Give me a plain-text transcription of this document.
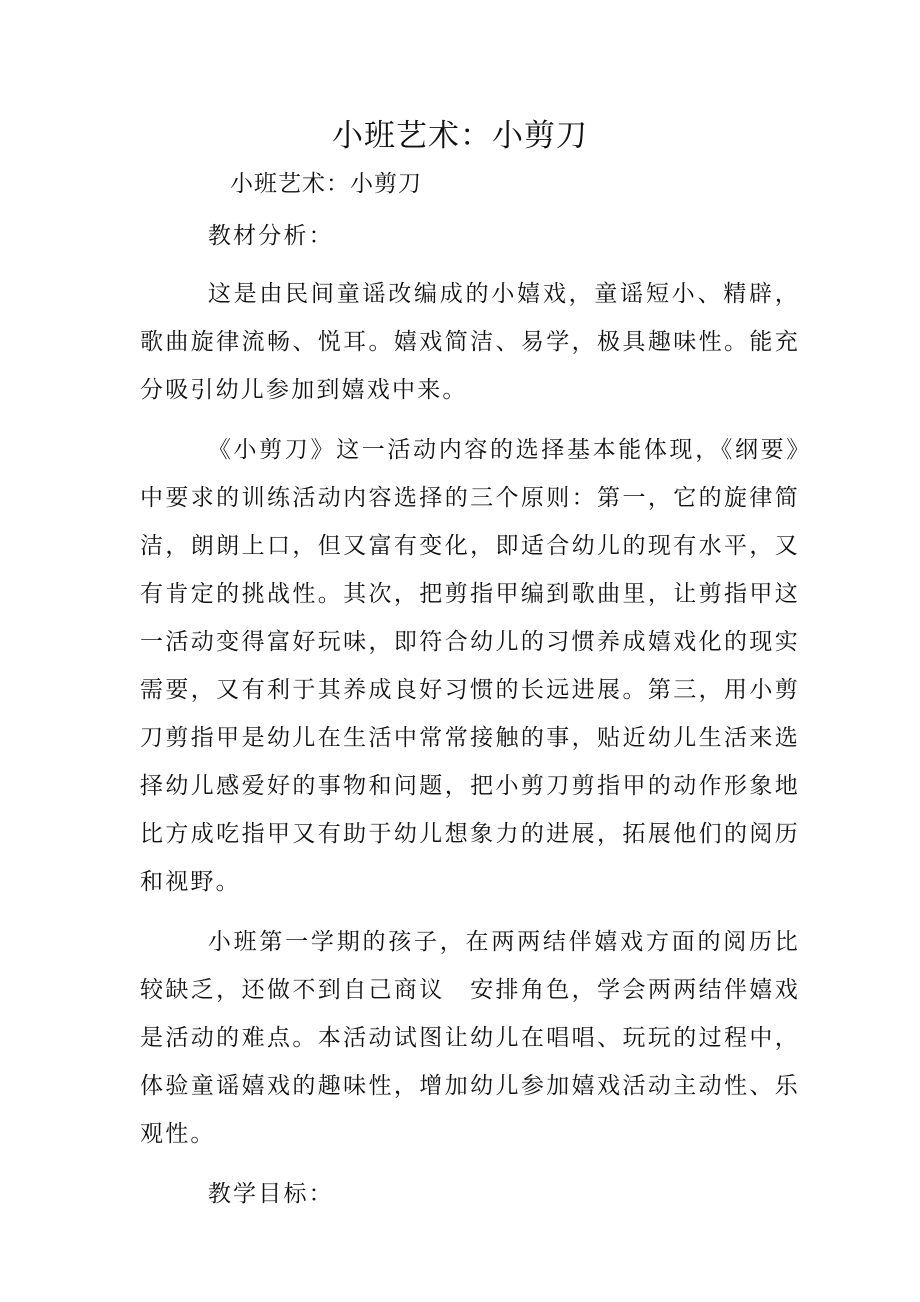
小班艺术：小剪刀

小班艺术：小剪刀

教材分析：

这是由民间童谣改编成的小嬉戏，童谣短小、精辟，歌曲旋律流畅、悦耳。嬉戏简洁、易学，极具趣味性。能充分吸引幼儿参加到嬉戏中来。

《小剪刀》这一活动内容的选择基本能体现，《纲要》中要求的训练活动内容选择的三个原则：第一，它的旋律简洁，朗朗上口，但又富有变化，即适合幼儿的现有水平，又有肯定的挑战性。其次，把剪指甲编到歌曲里，让剪指甲这一活动变得富好玩味，即符合幼儿的习惯养成嬉戏化的现实需要，又有利于其养成良好习惯的长远进展。第三，用小剪刀剪指甲是幼儿在生活中常常接触的事，贴近幼儿生活来选择幼儿感爱好的事物和问题，把小剪刀剪指甲的动作形象地比方成吃指甲又有助于幼儿想象力的进展，拓展他们的阅历和视野。

小班第一学期的孩子，在两两结伴嬉戏方面的阅历比较缺乏，还做不到自己商议　安排角色，学会两两结伴嬉戏是活动的难点。本活动试图让幼儿在唱唱、玩玩的过程中，体验童谣嬉戏的趣味性，增加幼儿参加嬉戏活动主动性、乐观性。

教学目标：
